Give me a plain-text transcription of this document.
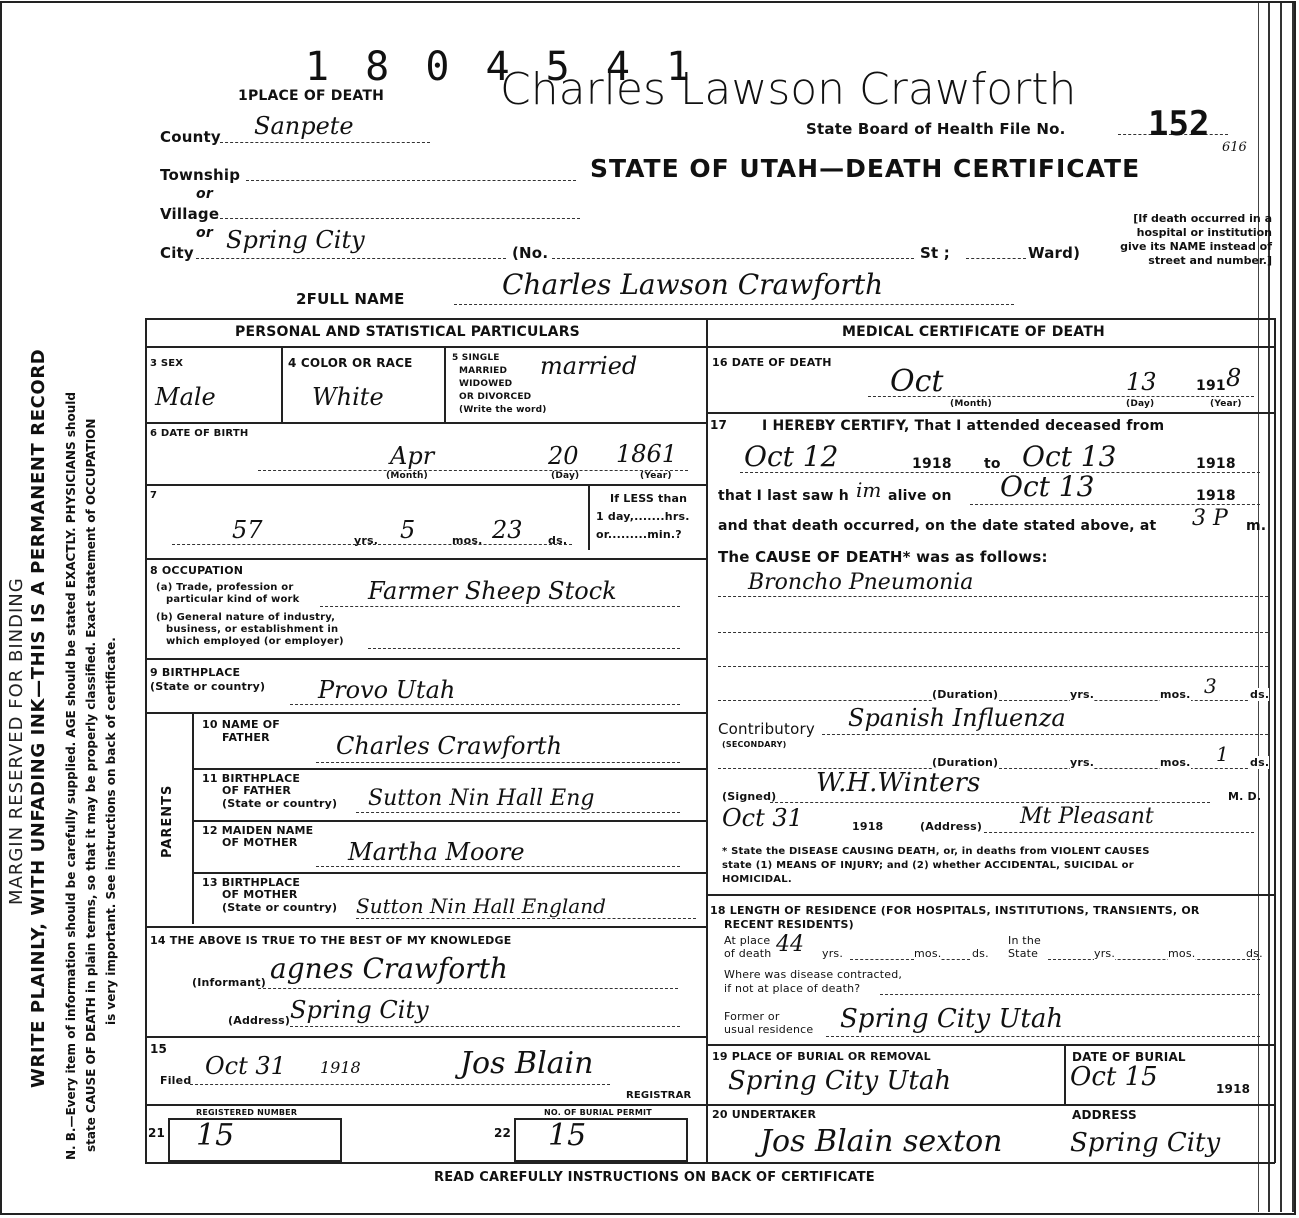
MARGIN RESERVED FOR BINDING WRITE PLAINLY, WITH UNFADING INK—THIS IS A PERMANENT RECORD N. B.—Every item of information should be carefully supplied. AGE should be stated EXACTLY. PHYSICIANS should state CAUSE OF DEATH in plain terms, so that it may be properly classified. Exact statement of OCCUPATION is very important. See instructions on back of certificate.
1 8 0 4 5 4 1
Charles Lawson Crawforth
1PLACE OF DEATH
State Board of Health File No. 152
616
STATE OF UTAH—DEATH CERTIFICATE
[If death occurred in a hospital or institution give its NAME instead of street and number.]
County Sanpete
Township
or
Village
or
City Spring City	(No.	St ;	Ward)
2FULL NAME	Charles Lawson Crawforth
PERSONAL AND STATISTICAL PARTICULARS	MEDICAL CERTIFICATE OF DEATH
3 SEX
Male
4 COLOR OR RACE
White
5 SINGLE
MARRIED
WIDOWED
OR DIVORCED
(Write the word)
married
6 DATE OF BIRTH
Apr	20 1861
(Month)	(Day)	(Year)
7
57	yrs. 5	mos. 23 ds.
If LESS than
1 day,.......hrs.
or.........min.?
8 OCCUPATION
(a) Trade, profession or
particular kind of work	Farmer Sheep Stock
(b) General nature of industry,
business, or establishment in
which employed (or employer)
9 BIRTHPLACE
(State or country) Provo Utah
PARENTS
10 NAME OF
FATHER	Charles Crawforth
11 BIRTHPLACE
OF FATHER
(State or country) Sutton Nin Hall Eng
12 MAIDEN NAME
OF MOTHER Martha Moore
13 BIRTHPLACE
OF MOTHER
(State or country) Sutton Nin Hall England
14 THE ABOVE IS TRUE TO THE BEST OF MY KNOWLEDGE
(Informant) agnes Crawforth
(Address) Spring City
15
Filed
Oct 31 1918	Jos Blain
REGISTRAR
REGISTERED NUMBER
21 15
NO. OF BURIAL PERMIT
22 15
16 DATE OF DEATH
Oct	13	191 8
(Month)	(Day)	(Year)
17 I HEREBY CERTIFY, That I attended deceased from
Oct 12	1918 to Oct 13	1918
that I last saw h im alive on Oct 13	1918
and that death occurred, on the date stated above, at 3 P m.
The CAUSE OF DEATH* was as follows:
Broncho Pneumonia
(Duration)	yrs.	mos. 3	ds.
Contributory
(SECONDARY)
Spanish Influenza
(Duration)	yrs.	mos. 1 ds.
(Signed) W.H.Winters	M. D.
Oct 31	1918	(Address) Mt Pleasant
* State the DISEASE CAUSING DEATH, or, in deaths from VIOLENT CAUSES
state (1) MEANS OF INJURY; and (2) whether ACCIDENTAL, SUICIDAL or
HOMICIDAL.
18 LENGTH OF RESIDENCE (FOR HOSPITALS, INSTITUTIONS, TRANSIENTS, OR
RECENT RESIDENTS)
At place
of death 44 yrs.	mos.	ds.
In the
State	yrs.	mos.	ds.
Where was disease contracted,
if not at place of death?
Former or
usual residence Spring City Utah
19 PLACE OF BURIAL OR REMOVAL
Spring City Utah
DATE OF BURIAL
Oct 15	1918
20 UNDERTAKER	ADDRESS
Jos Blain sexton	Spring City
READ CAREFULLY INSTRUCTIONS ON BACK OF CERTIFICATE
